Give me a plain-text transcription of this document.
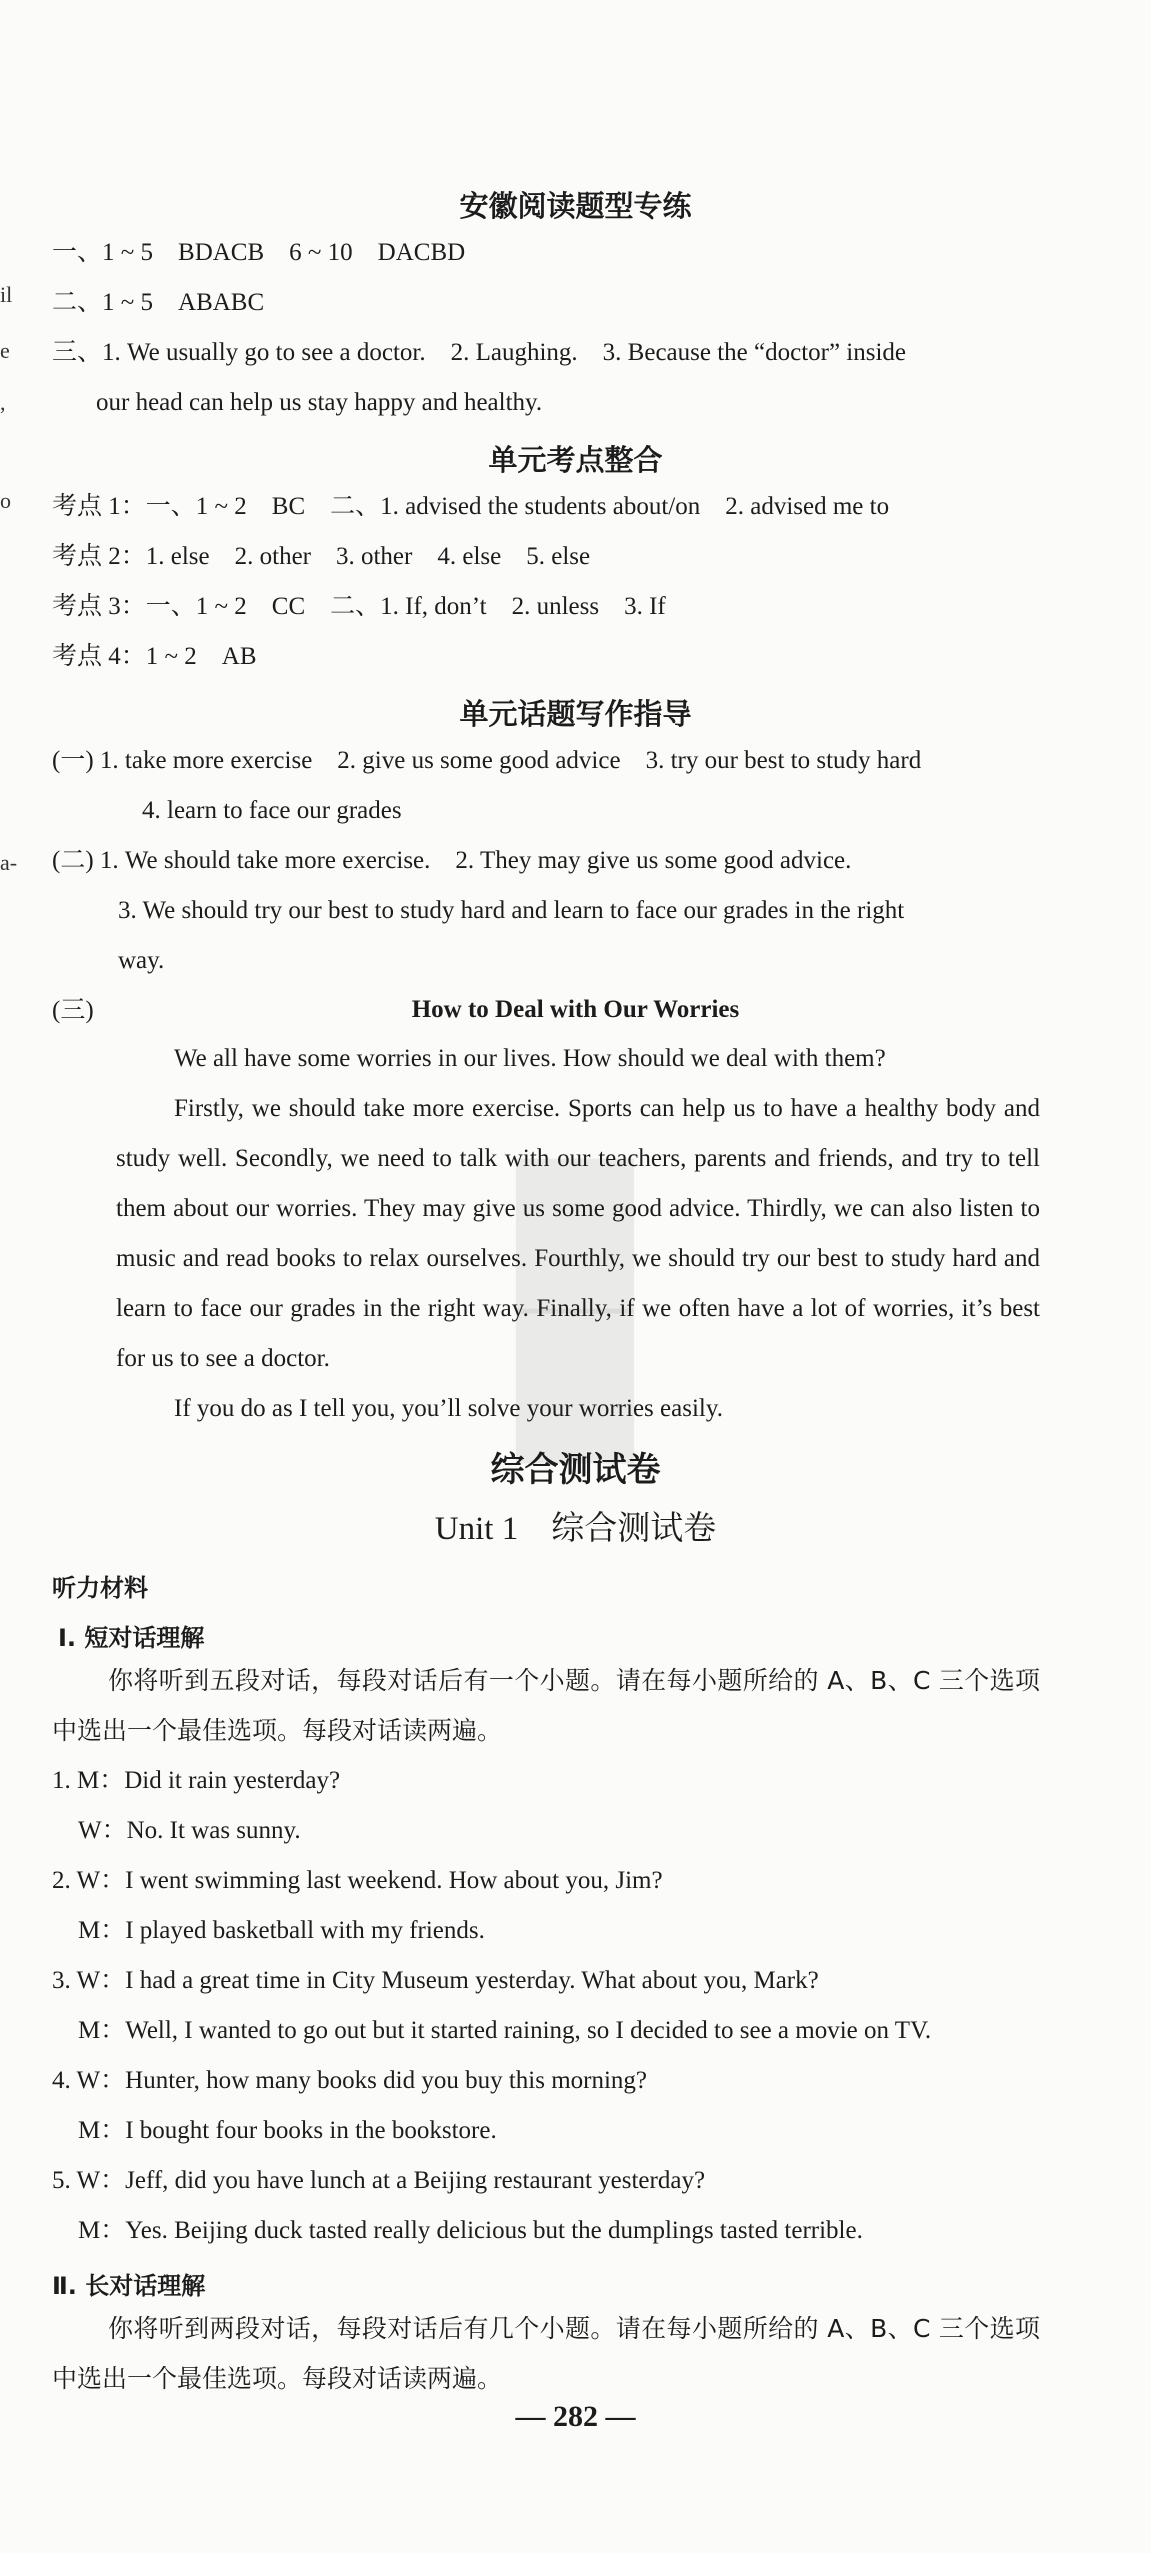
il
e
,
o
a-
▇
▇
安徽阅读题型专练
一、1 ~ 5　BDACB　6 ~ 10　DACBD
二、1 ~ 5　ABABC
三、1. We usually go to see a doctor.　2. Laughing.　3. Because the “doctor” inside
our head can help us stay happy and healthy.
单元考点整合
考点 1：一、1 ~ 2　BC　二、1. advised the students about/on　2. advised me to
考点 2：1. else　2. other　3. other　4. else　5. else
考点 3：一、1 ~ 2　CC　二、1. If, don’t　2. unless　3. If
考点 4：1 ~ 2　AB
单元话题写作指导
(一) 1. take more exercise　2. give us some good advice　3. try our best to study hard
4. learn to face our grades
(二) 1. We should take more exercise.　2. They may give us some good advice.
3. We should try our best to study hard and learn to face our grades in the right
way.
(三)	How to Deal with Our Worries
We all have some worries in our lives. How should we deal with them?
Firstly, we should take more exercise. Sports can help us to have a healthy body and study well. Secondly, we need to talk with our teachers, parents and friends, and try to tell them about our worries. They may give us some good advice. Thirdly, we can also listen to music and read books to relax ourselves. Fourthly, we should try our best to study hard and learn to face our grades in the right way. Finally, if we often have a lot of worries, it’s best for us to see a doctor.
If you do as I tell you, you’ll solve your worries easily.
综合测试卷
Unit 1　综合测试卷
听力材料
Ⅰ. 短对话理解
你将听到五段对话，每段对话后有一个小题。请在每小题所给的 A、B、C 三个选项中选出一个最佳选项。每段对话读两遍。
1. M：Did it rain yesterday?
W：No. It was sunny.
2. W：I went swimming last weekend. How about you, Jim?
M：I played basketball with my friends.
3. W：I had a great time in City Museum yesterday. What about you, Mark?
M：Well, I wanted to go out but it started raining, so I decided to see a movie on TV.
4. W：Hunter, how many books did you buy this morning?
M：I bought four books in the bookstore.
5. W：Jeff, did you have lunch at a Beijing restaurant yesterday?
M：Yes. Beijing duck tasted really delicious but the dumplings tasted terrible.
Ⅱ. 长对话理解
你将听到两段对话，每段对话后有几个小题。请在每小题所给的 A、B、C 三个选项中选出一个最佳选项。每段对话读两遍。
— 282 —
